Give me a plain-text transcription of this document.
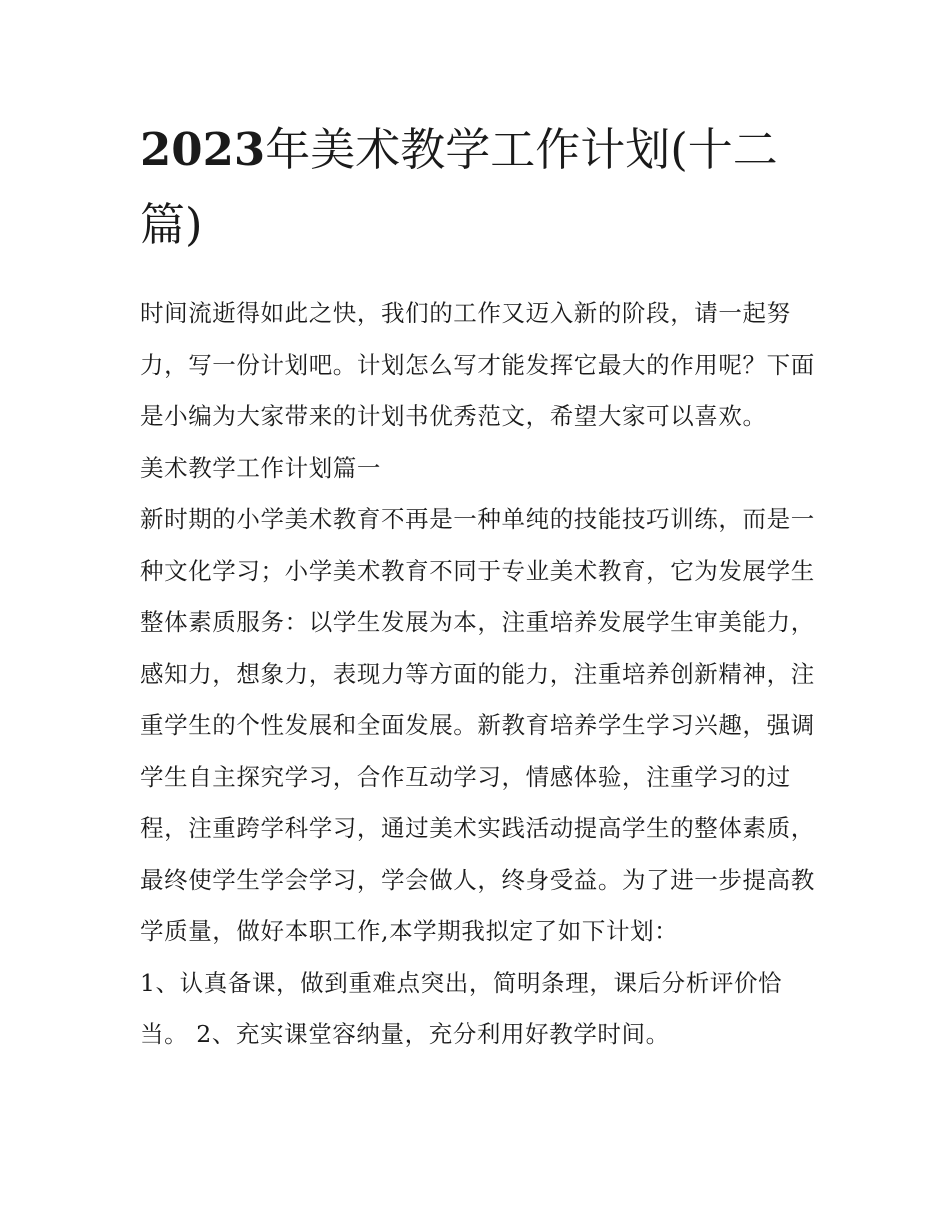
2023年美术教学工作计划(十二篇)

时间流逝得如此之快，我们的工作又迈入新的阶段，请一起努力，写一份计划吧。计划怎么写才能发挥它最大的作用呢？下面是小编为大家带来的计划书优秀范文，希望大家可以喜欢。

美术教学工作计划篇一

新时期的小学美术教育不再是一种单纯的技能技巧训练，而是一种文化学习；小学美术教育不同于专业美术教育，它为发展学生整体素质服务：以学生发展为本，注重培养发展学生审美能力，感知力，想象力，表现力等方面的能力，注重培养创新精神，注重学生的个性发展和全面发展。新教育培养学生学习兴趣，强调学生自主探究学习，合作互动学习，情感体验，注重学习的过程，注重跨学科学习，通过美术实践活动提高学生的整体素质，最终使学生学会学习，学会做人，终身受益。为了进一步提高教学质量，做好本职工作,本学期我拟定了如下计划：

1、认真备课，做到重难点突出，简明条理，课后分析评价恰当。 2、充实课堂容纳量，充分利用好教学时间。
